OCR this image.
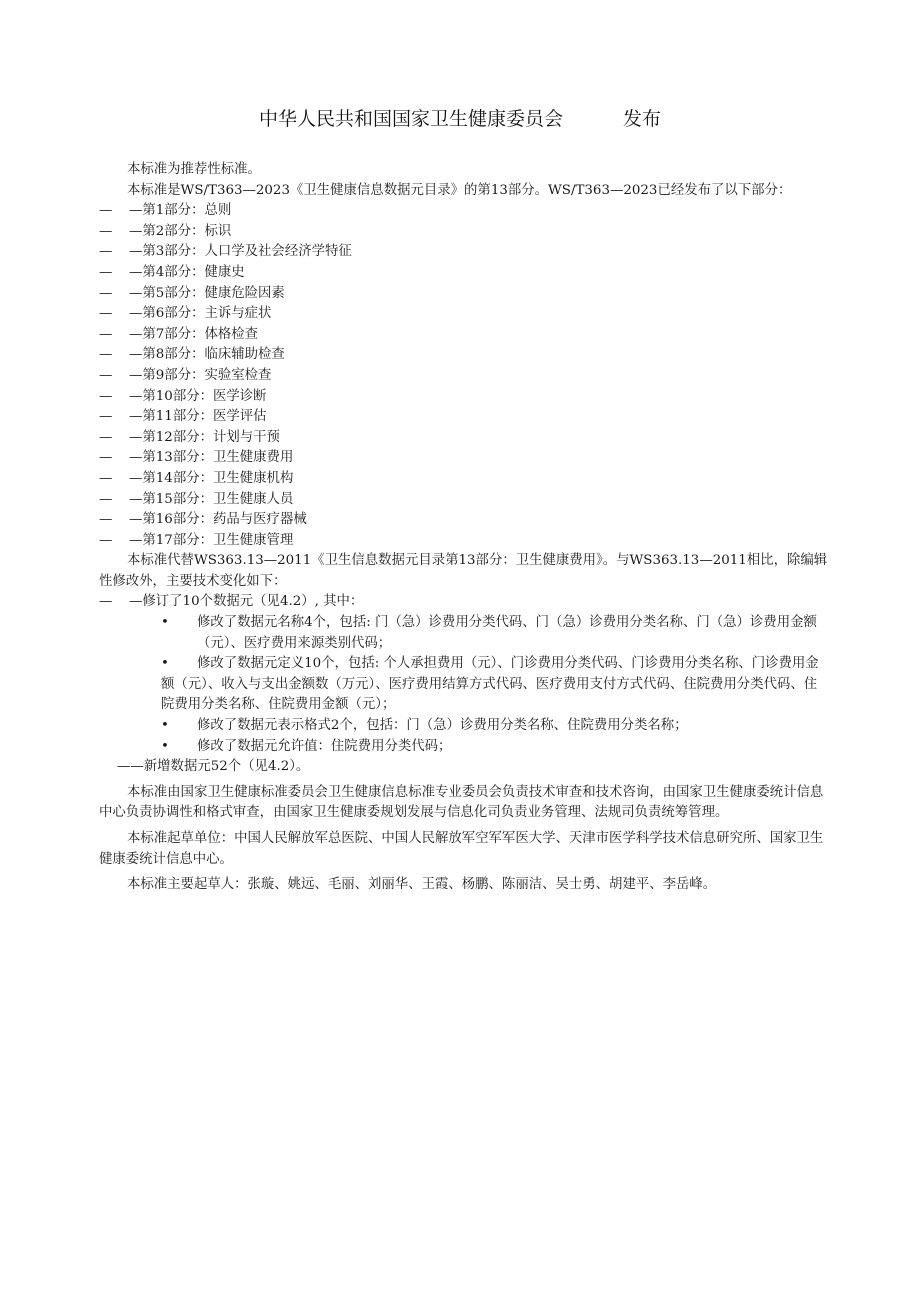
中华人民共和国国家卫生健康委员会	发布

本标准为推荐性标准。

本标准是WS/T363—2023《卫生健康信息数据元目录》的第13部分。WS/T363—2023已经发布了以下部分：

— —第1部分：总则

— —第2部分：标识

— —第3部分：人口学及社会经济学特征

— —第4部分：健康史

— —第5部分：健康危险因素

— —第6部分：主诉与症状

— —第7部分：体格检查

— —第8部分：临床辅助检查

— —第9部分：实验室检查

— —第10部分：医学诊断

— —第11部分：医学评估

— —第12部分：计划与干预

— —第13部分：卫生健康费用

— —第14部分：卫生健康机构

— —第15部分：卫生健康人员

— —第16部分：药品与医疗器械

— —第17部分：卫生健康管理

本标准代替WS363.13—2011《卫生信息数据元目录第13部分：卫生健康费用》。与WS363.13—2011相比，除编辑性修改外，主要技术变化如下：

— —修订了10个数据元（见4.2）, 其中：

• 修改了数据元名称4个，包括: 门（急）诊费用分类代码、门（急）诊费用分类名称、门（急）诊费用金额（元）、医疗费用来源类别代码；

• 修改了数据元定义10个，包括: 个人承担费用（元）、门诊费用分类代码、门诊费用分类名称、门诊费用金额（元）、收入与支出金额数（万元）、医疗费用结算方式代码、医疗费用支付方式代码、住院费用分类代码、住院费用分类名称、住院费用金额（元）；

• 修改了数据元表示格式2个，包括：门（急）诊费用分类名称、住院费用分类名称；

• 修改了数据元允许值：住院费用分类代码；

——新增数据元52个（见4.2）。

本标准由国家卫生健康标准委员会卫生健康信息标准专业委员会负责技术审查和技术咨询，由国家卫生健康委统计信息中心负责协调性和格式审查，由国家卫生健康委规划发展与信息化司负责业务管理、法规司负责统筹管理。

本标准起草单位：中国人民解放军总医院、中国人民解放军空军军医大学、天津市医学科学技术信息研究所、国家卫生健康委统计信息中心。

本标准主要起草人：张璇、姚远、毛丽、刘丽华、王霞、杨鹏、陈丽洁、吴士勇、胡建平、李岳峰。
